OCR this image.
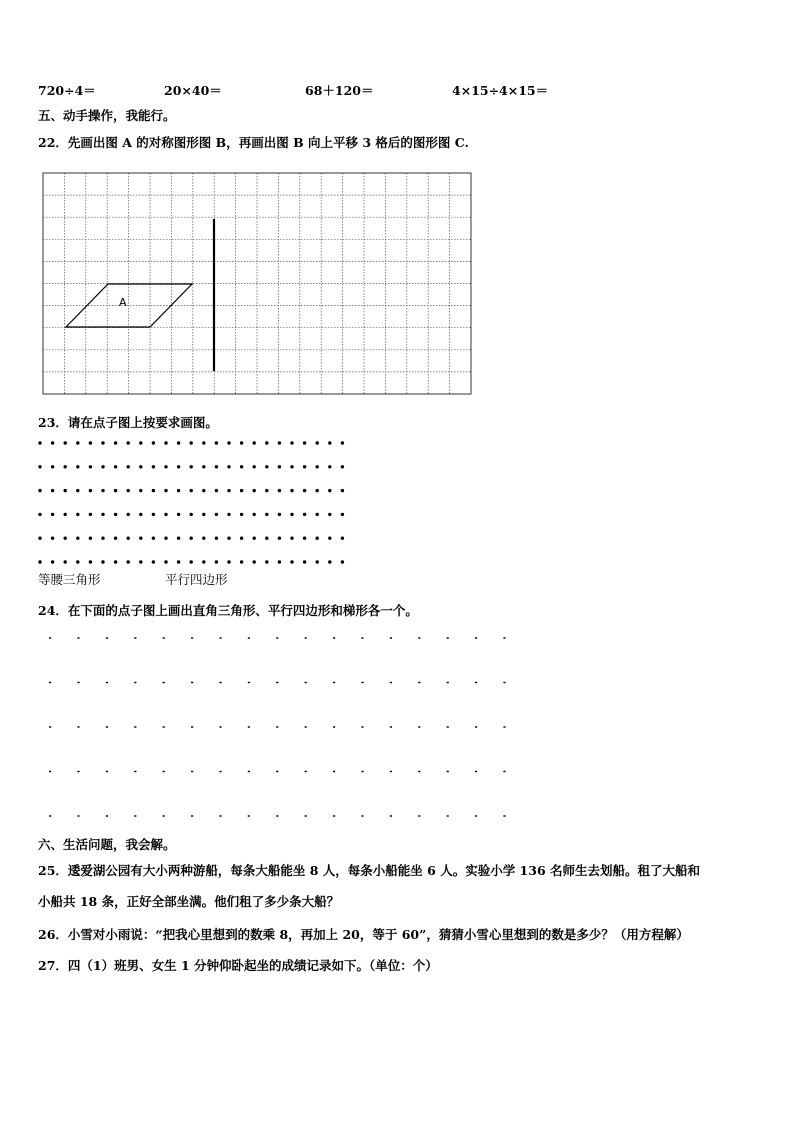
720÷4＝	20×40＝	68＋120＝	4×15÷4×15＝
五、动手操作，我能行。
22．先画出图 A 的对称图形图 B，再画出图 B 向上平移 3 格后的图形图 C.
A
23．请在点子图上按要求画图。
等腰三角形	平行四边形
24．在下面的点子图上画出直角三角形、平行四边形和梯形各一个。
六、生活问题，我会解。
25．逶爱湖公园有大小两种游船，每条大船能坐 8 人，每条小船能坐 6 人。实验小学 136 名师生去划船。租了大船和
小船共 18 条，正好全部坐满。他们租了多少条大船？
26．小雪对小雨说：“把我心里想到的数乘 8，再加上 20，等于 60”，猜猜小雪心里想到的数是多少？（用方程解）
27．四（1）班男、女生 1 分钟仰卧起坐的成绩记录如下。（单位：个）
